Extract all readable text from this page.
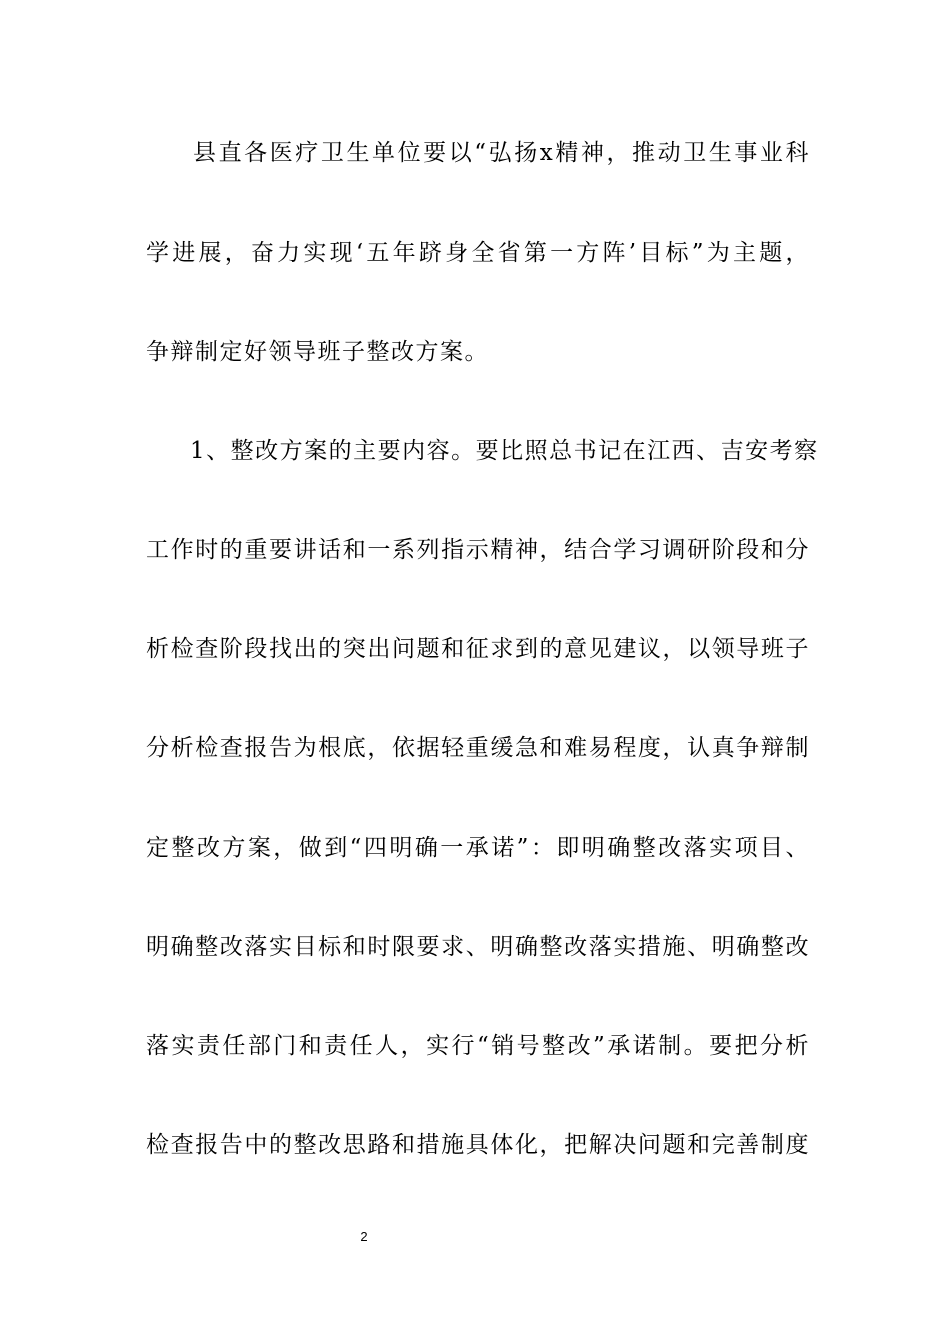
县直各医疗卫生单位要以“弘扬x精神，推动卫生事业科
学进展，奋力实现‘五年跻身全省第一方阵’目标”为主题，
争辩制定好领导班子整改方案。
1、整改方案的主要内容。要比照总书记在江西、吉安考察
工作时的重要讲话和一系列指示精神，结合学习调研阶段和分
析检查阶段找出的突出问题和征求到的意见建议，以领导班子
分析检查报告为根底，依据轻重缓急和难易程度，认真争辩制
定整改方案，做到“四明确一承诺”：即明确整改落实项目、
明确整改落实目标和时限要求、明确整改落实措施、明确整改
落实责任部门和责任人，实行“销号整改”承诺制。要把分析
检查报告中的整改思路和措施具体化，把解决问题和完善制度
2
